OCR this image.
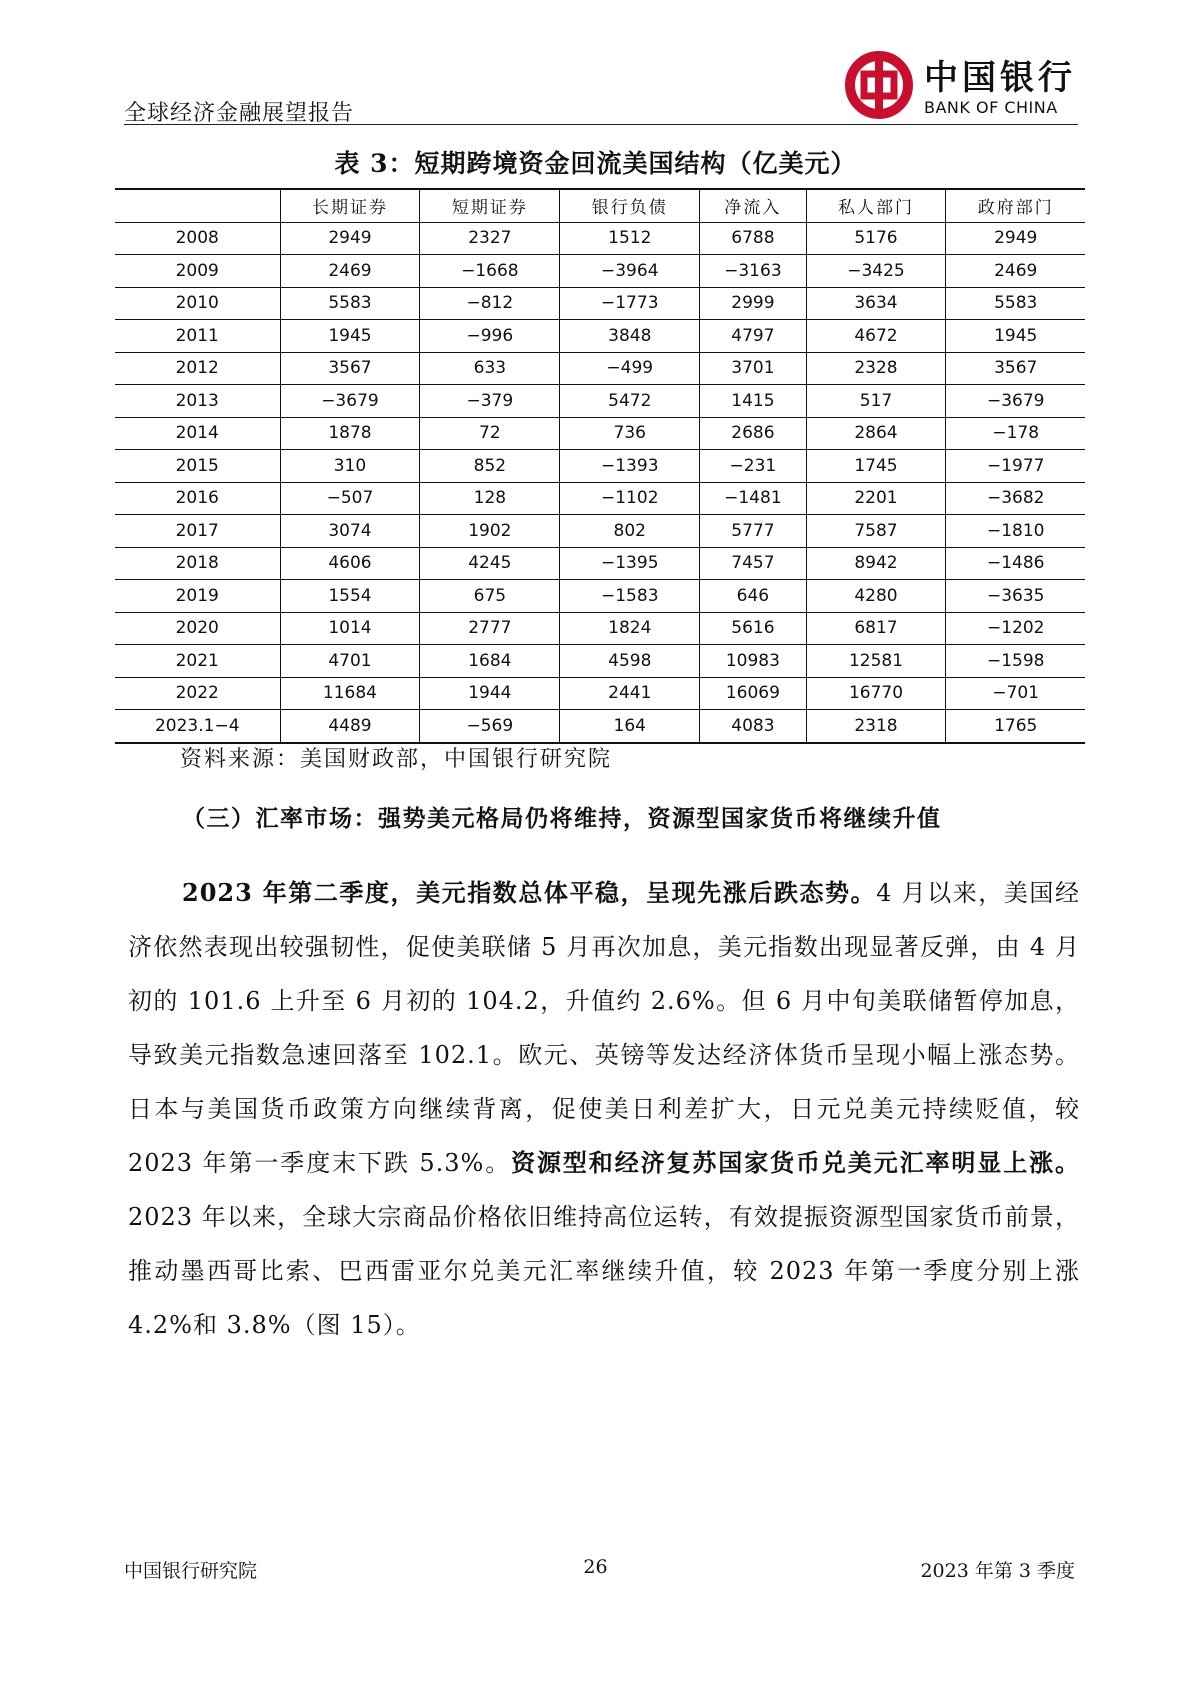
全球经济金融展望报告
中国银行
BANK OF CHINA
表 3：短期跨境资金回流美国结构（亿美元）
	长期证券	短期证券	银行负债	净流入	私人部门	政府部门
2008	2949	2327	1512	6788	5176	2949
2009	2469	−1668	−3964	−3163	−3425	2469
2010	5583	−812	−1773	2999	3634	5583
2011	1945	−996	3848	4797	4672	1945
2012	3567	633	−499	3701	2328	3567
2013	−3679	−379	5472	1415	517	−3679
2014	1878	72	736	2686	2864	−178
2015	310	852	−1393	−231	1745	−1977
2016	−507	128	−1102	−1481	2201	−3682
2017	3074	1902	802	5777	7587	−1810
2018	4606	4245	−1395	7457	8942	−1486
2019	1554	675	−1583	646	4280	−3635
2020	1014	2777	1824	5616	6817	−1202
2021	4701	1684	4598	10983	12581	−1598
2022	11684	1944	2441	16069	16770	−701
2023.1−4	4489	−569	164	4083	2318	1765
资料来源：美国财政部，中国银行研究院
（三）汇率市场：强势美元格局仍将维持，资源型国家货币将继续升值
2023 年第二季度，美元指数总体平稳，呈现先涨后跌态势。4 月以来，美国经济依然表现出较强韧性，促使美联储 5 月再次加息，美元指数出现显著反弹，由 4 月初的 101.6 上升至 6 月初的 104.2，升值约 2.6%。但 6 月中旬美联储暂停加息，导致美元指数急速回落至 102.1。欧元、英镑等发达经济体货币呈现小幅上涨态势。日本与美国货币政策方向继续背离，促使美日利差扩大，日元兑美元持续贬值，较 2023 年第一季度末下跌 5.3%。资源型和经济复苏国家货币兑美元汇率明显上涨。2023 年以来，全球大宗商品价格依旧维持高位运转，有效提振资源型国家货币前景，推动墨西哥比索、巴西雷亚尔兑美元汇率继续升值，较 2023 年第一季度分别上涨 4.2%和 3.8%（图 15）。
中国银行研究院	26	2023 年第 3 季度
